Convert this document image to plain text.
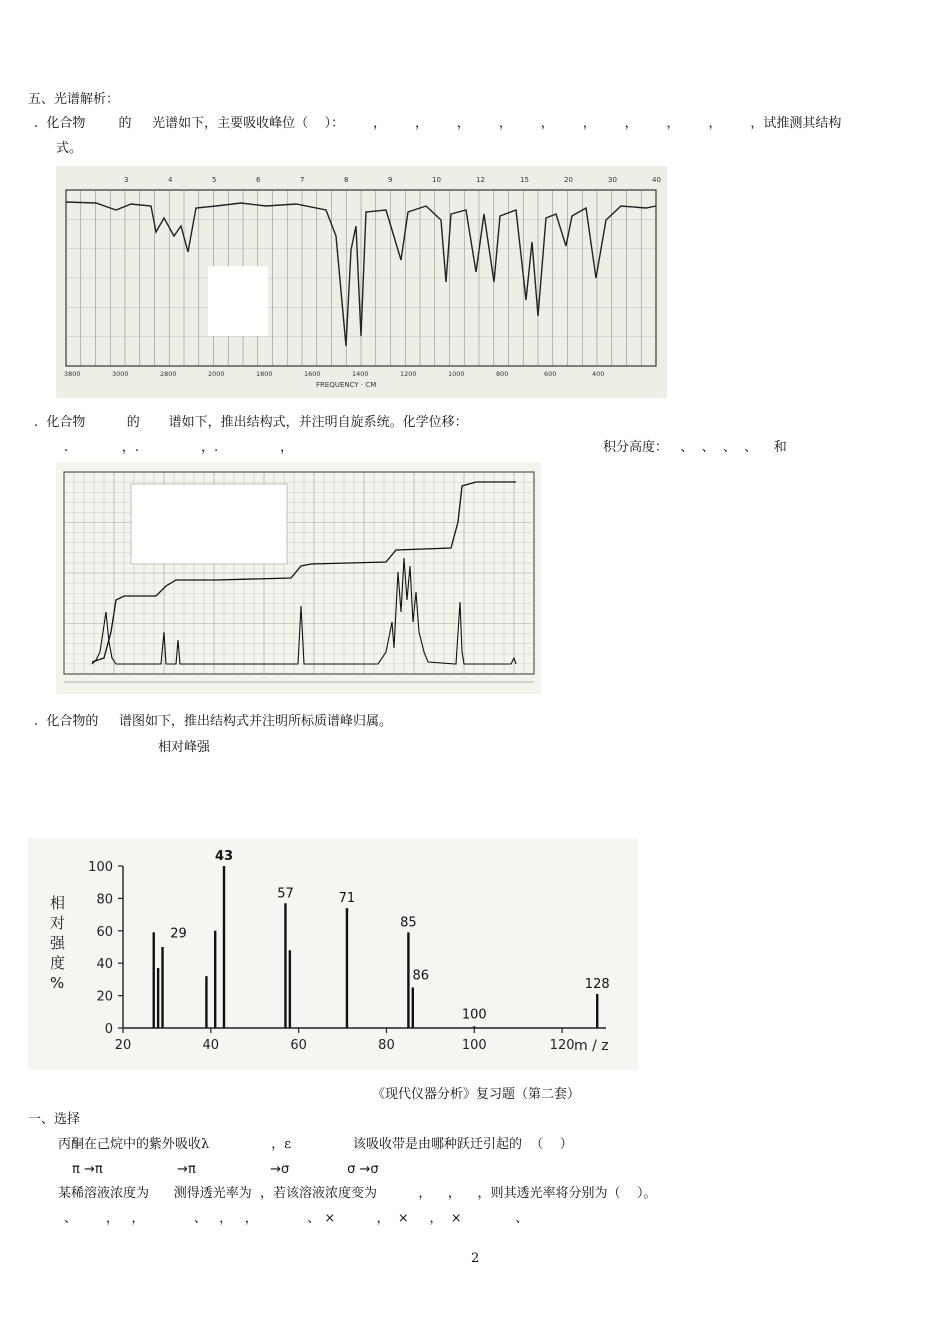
五、光谱解析：
.  化合物        的     光谱如下，主要吸收峰位（    ）：       ，       ，       ，       ，       ，       ，       ，       ，       ，       ，试推测其结构
式。
3	4	5	6	7	8	9	10	12	15	20	30	40
3800	3000	2800	2000	1800	1600	1400	1200	1000	800	600	400
FREQUENCY · CM
.  化合物          的       谱如下，推出结构式，并注明自旋系统。化学位移：
.             ，.               ，.               ，	积分高度：   、  、  、  、    和
.  化合物的     谱图如下，推出结构式并注明所标质谱峰归属。
相对峰强
0
20
40
60
80
100
20	40	60	80	100	120 m / z
相
对
强
度
%
29
43
57	71
85
86
100
128
《现代仪器分析》复习题（第二套）
一、选择
丙酮在己烷中的紫外吸收λ               ，ε               该吸收带是由哪种跃迁引起的  （    ）
π →π                  →π                  →σ              σ →σ
某稀溶液浓度为      测得透光率为  ，若该溶液浓度变为          ，    ，    ，则其透光率将分别为（    ）。
、       ，   ，            、   ，   ，            、 ×          ，  ×     ，  ×             、
2
